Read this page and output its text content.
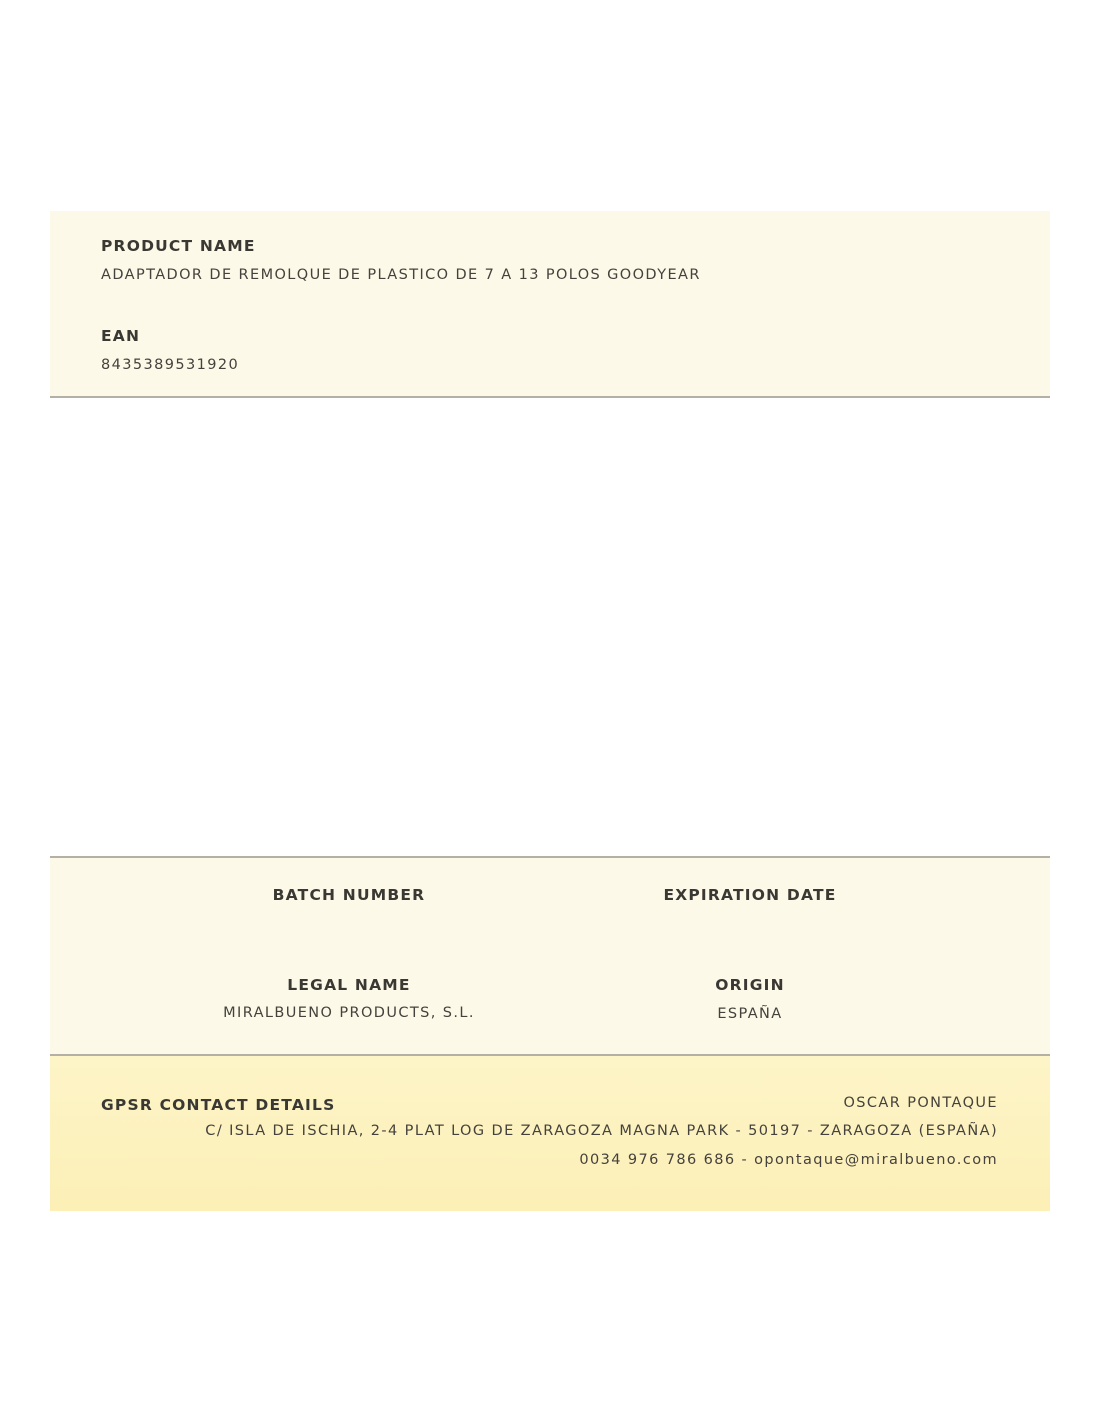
PRODUCT NAME
ADAPTADOR DE REMOLQUE DE PLASTICO DE 7 A 13 POLOS GOODYEAR
EAN
8435389531920
BATCH NUMBER	EXPIRATION DATE
LEGAL NAME
MIRALBUENO PRODUCTS, S.L.
ORIGIN
ESPAÑA
GPSR CONTACT DETAILS	OSCAR PONTAQUE
C/ ISLA DE ISCHIA, 2-4 PLAT LOG DE ZARAGOZA MAGNA PARK - 50197 - ZARAGOZA (ESPAÑA)
0034 976 786 686 - opontaque@miralbueno.com
